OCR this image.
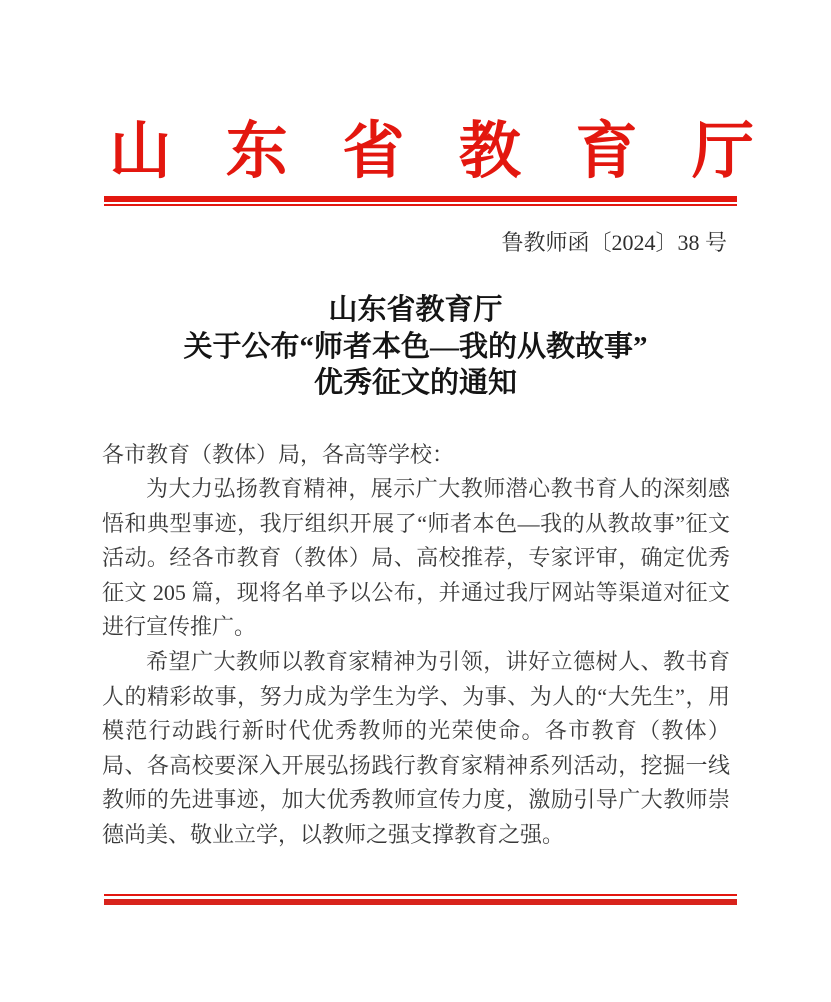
山东省教育厅
鲁教师函〔2024〕38 号
山东省教育厅
关于公布“师者本色—我的从教故事”
优秀征文的通知

各市教育（教体）局，各高等学校：

为大力弘扬教育精神，展示广大教师潜心教书育人的深刻感悟和典型事迹，我厅组织开展了“师者本色—我的从教故事”征文活动。经各市教育（教体）局、高校推荐，专家评审，确定优秀征文 205 篇，现将名单予以公布，并通过我厅网站等渠道对征文进行宣传推广。

希望广大教师以教育家精神为引领，讲好立德树人、教书育人的精彩故事，努力成为学生为学、为事、为人的“大先生”，用模范行动践行新时代优秀教师的光荣使命。各市教育（教体）局、各高校要深入开展弘扬践行教育家精神系列活动，挖掘一线教师的先进事迹，加大优秀教师宣传力度，激励引导广大教师崇德尚美、敬业立学，以教师之强支撑教育之强。
